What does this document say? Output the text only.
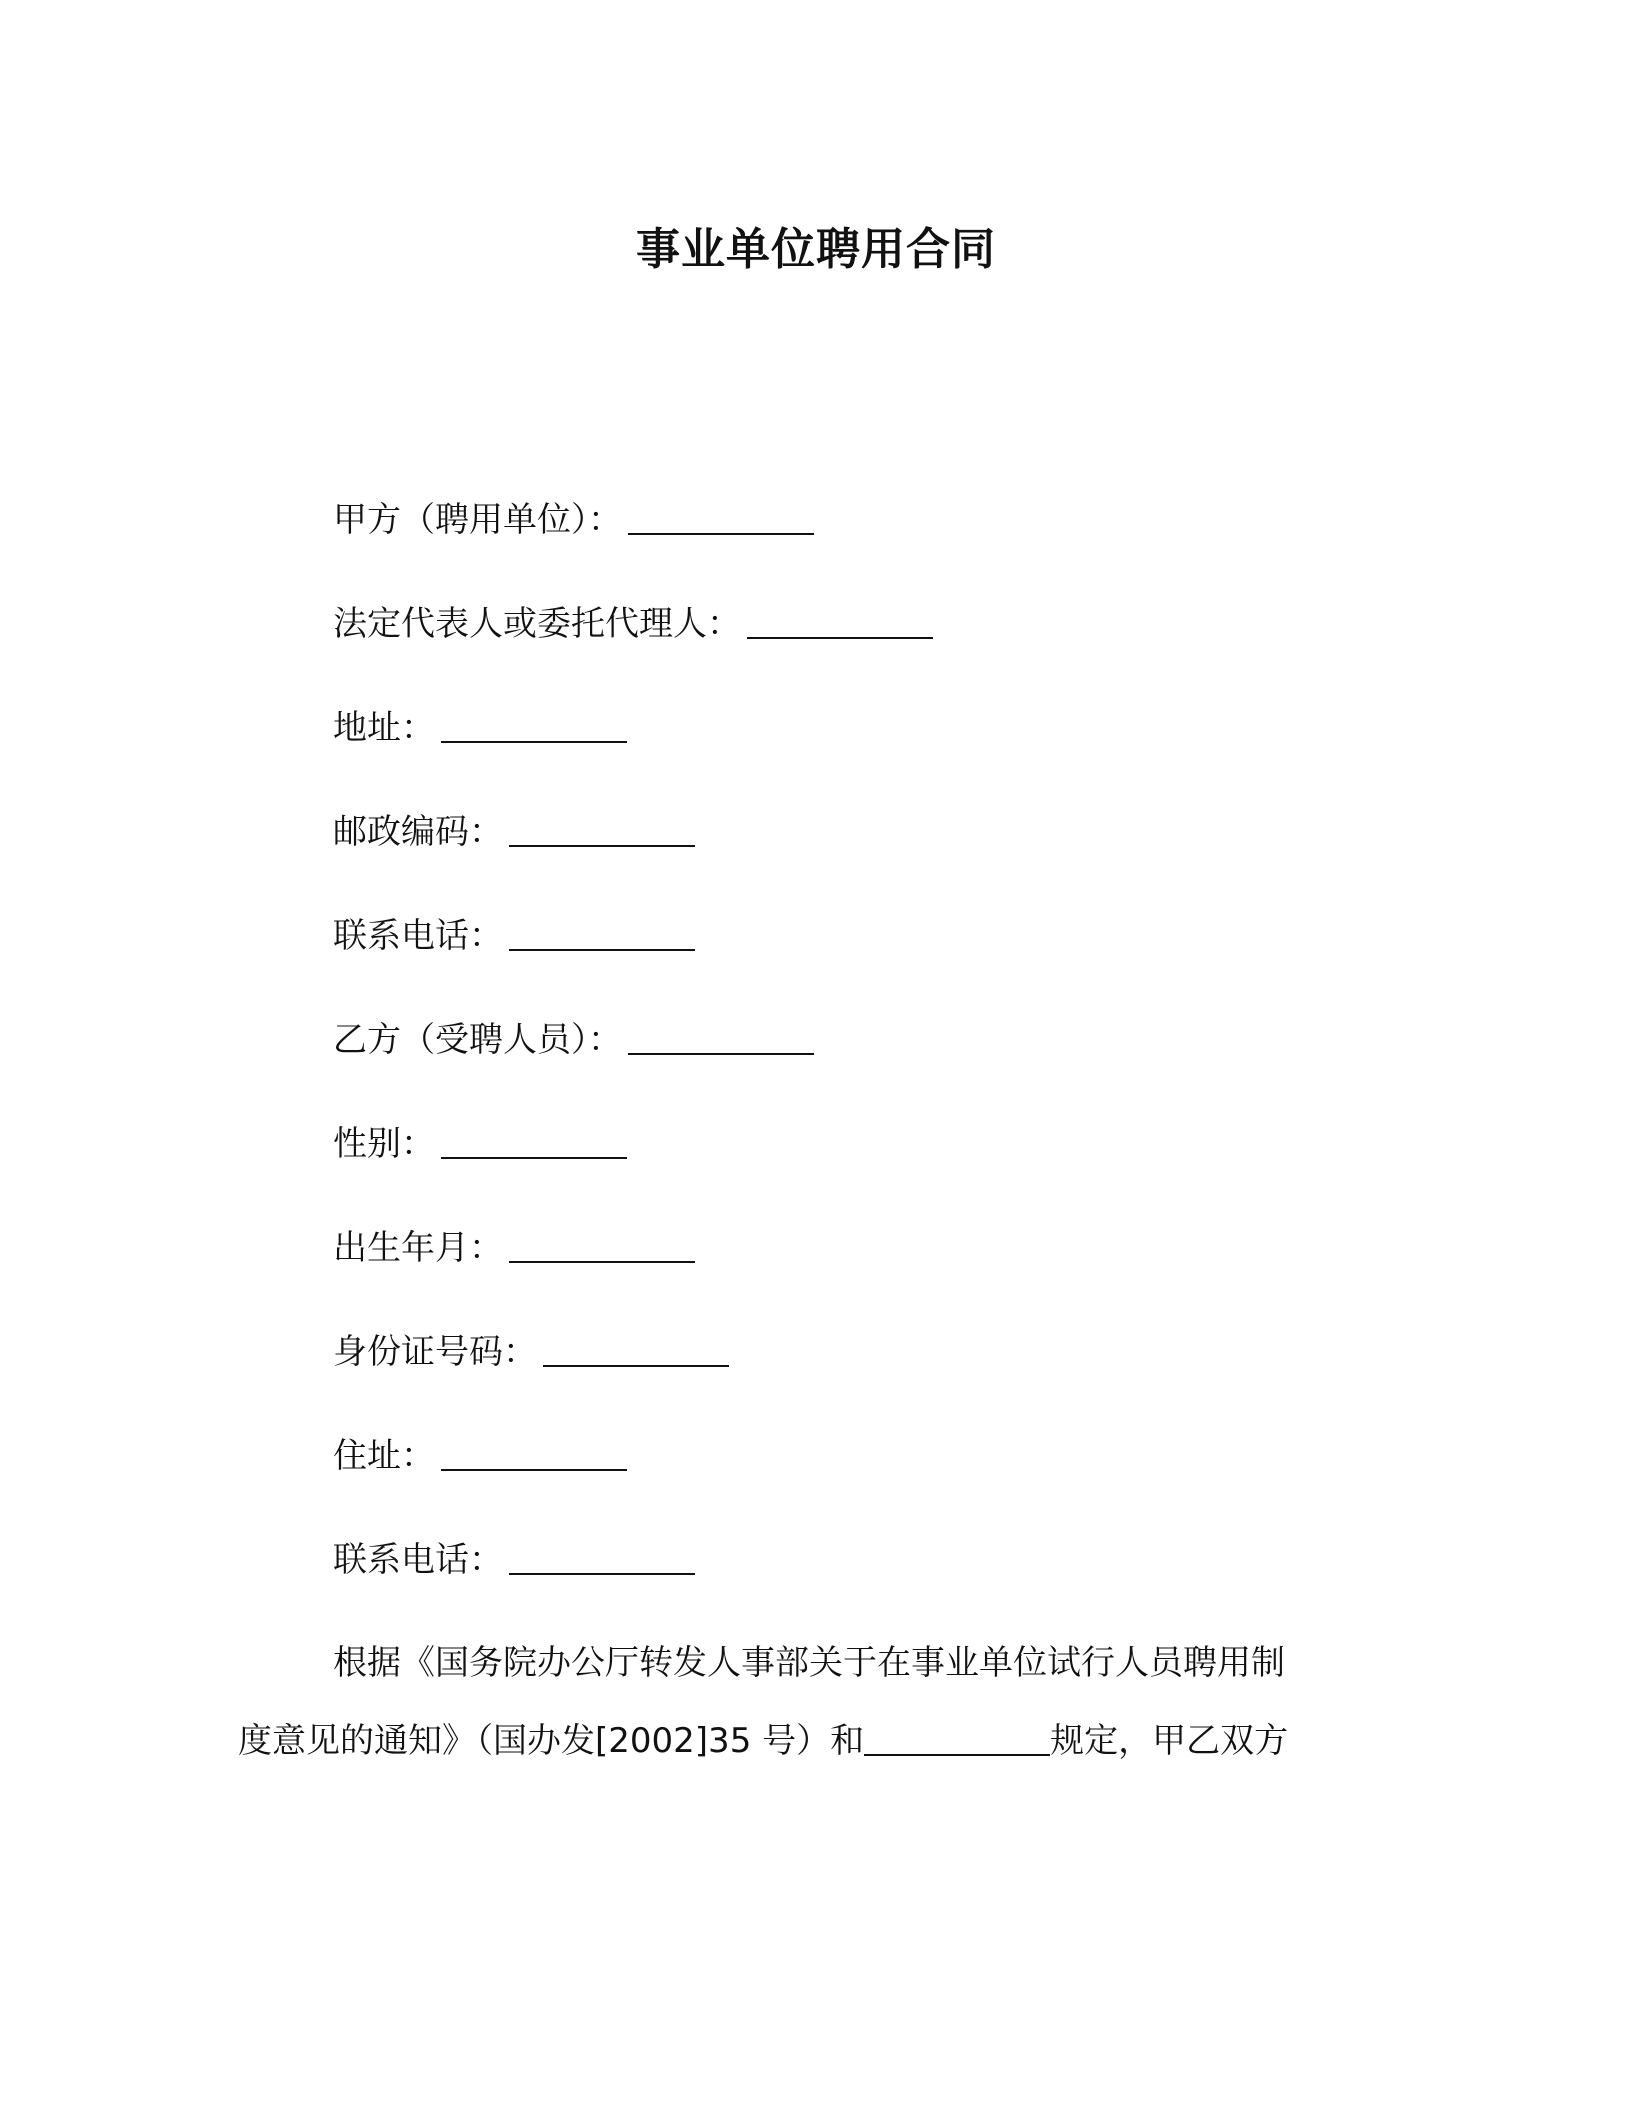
事业单位聘用合同
甲方（聘用单位）：
法定代表人或委托代理人：
地址：
邮政编码：
联系电话：
乙方（受聘人员）：
性别：
出生年月：
身份证号码：
住址：
联系电话：
根据《国务院办公厅转发人事部关于在事业单位试行人员聘用制
度意见的通知》（国办发[2002]35 号）和	规定，甲乙双方
